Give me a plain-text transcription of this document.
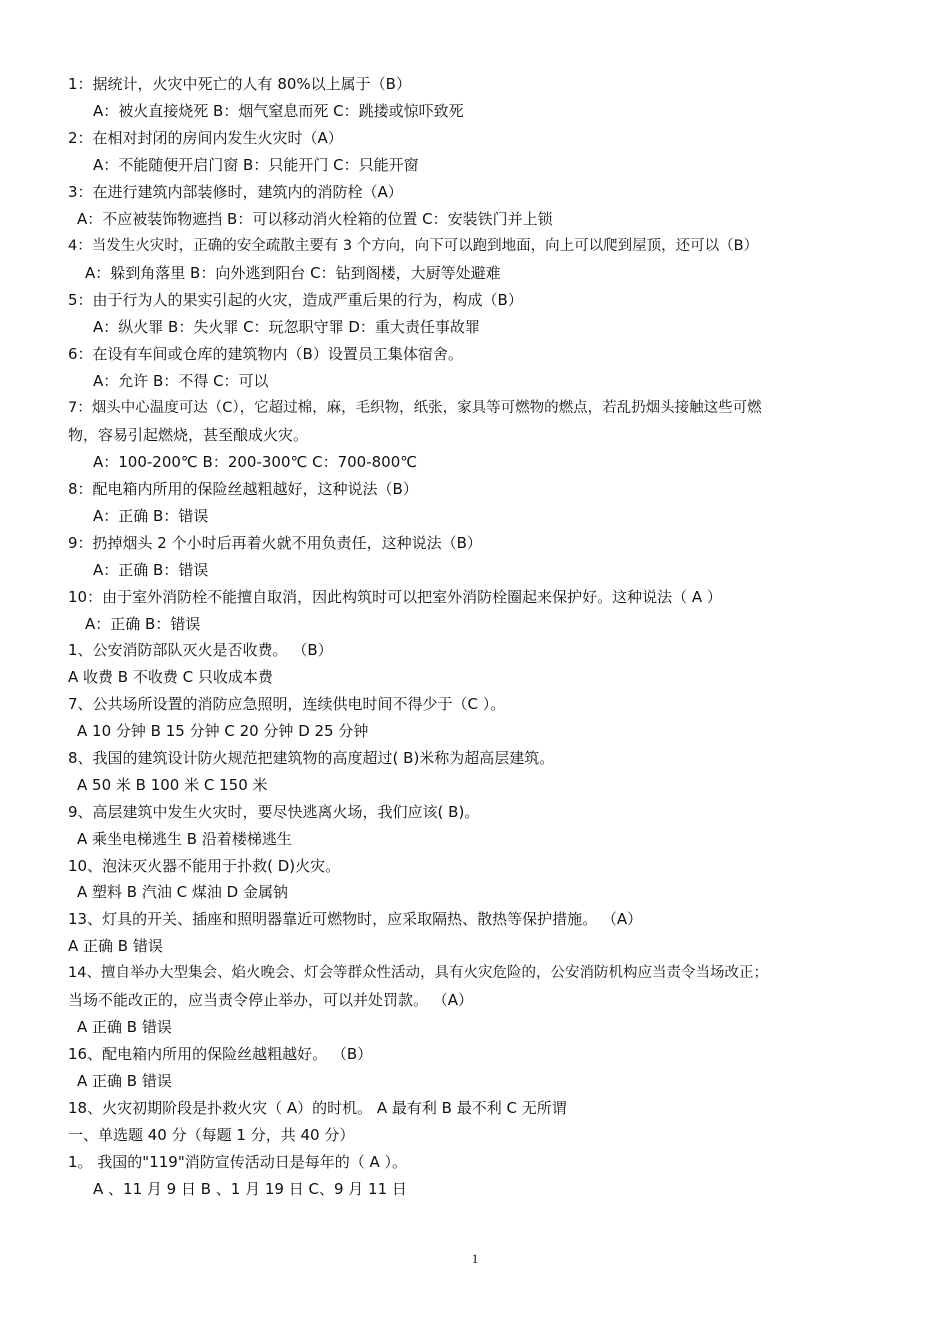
1：据统计，火灾中死亡的人有 80%以上属于（B）
A：被火直接烧死 B：烟气窒息而死 C：跳搂或惊吓致死
2：在相对封闭的房间内发生火灾时（A）
A：不能随便开启门窗 B：只能开门 C：只能开窗
3：在进行建筑内部装修时，建筑内的消防栓（A）
A：不应被装饰物遮挡 B：可以移动消火栓箱的位置 C：安装铁门并上锁
4：当发生火灾时，正确的安全疏散主要有 3 个方向，向下可以跑到地面，向上可以爬到屋顶，还可以（B）
A：躲到角落里 B：向外逃到阳台 C：钻到阁楼，大厨等处避难
5：由于行为人的果实引起的火灾，造成严重后果的行为，构成（B）
A：纵火罪 B：失火罪 C：玩忽职守罪 D：重大责任事故罪
6：在设有车间或仓库的建筑物内（B）设置员工集体宿舍。
A：允许 B：不得 C：可以
7：烟头中心温度可达（C），它超过棉，麻，毛织物，纸张，家具等可燃物的燃点，若乱扔烟头接触这些可燃
物，容易引起燃烧，甚至酿成火灾。
A：100-200℃ B：200-300℃ C：700-800℃
8：配电箱内所用的保险丝越粗越好，这种说法（B）
A：正确 B：错误
9：扔掉烟头 2 个小时后再着火就不用负责任，这种说法（B）
A：正确 B：错误
10：由于室外消防栓不能擅自取消，因此构筑时可以把室外消防栓圈起来保护好。这种说法（ A ）
A：正确 B：错误
1、公安消防部队灭火是否收费。 （B）
A 收费 B 不收费 C 只收成本费
7、公共场所设置的消防应急照明，连续供电时间不得少于（C ）。
A 10 分钟 B 15 分钟 C 20 分钟 D 25 分钟
8、我国的建筑设计防火规范把建筑物的高度超过( B)米称为超高层建筑。
A 50 米 B 100 米 C 150 米
9、高层建筑中发生火灾时，要尽快逃离火场，我们应该( B)。
A 乘坐电梯逃生 B 沿着楼梯逃生
10、泡沫灭火器不能用于扑救( D)火灾。
A 塑料 B 汽油 C 煤油 D 金属钠
13、灯具的开关、插座和照明器靠近可燃物时，应采取隔热、散热等保护措施。 （A）
A 正确 B 错误
14、擅自举办大型集会、焰火晚会、灯会等群众性活动，具有火灾危险的，公安消防机构应当责令当场改正；
当场不能改正的，应当责令停止举办，可以并处罚款。 （A）
A 正确 B 错误
16、配电箱内所用的保险丝越粗越好。 （B）
A 正确 B 错误
18、火灾初期阶段是扑救火灾（ A）的时机。 A 最有利 B 最不利 C 无所谓
一、单选题 40 分（每题 1 分，共 40 分）
1。 我国的"119"消防宣传活动日是每年的（ A ）。
A 、11 月 9 日 B 、1 月 19 日 C、9 月 11 日
1
